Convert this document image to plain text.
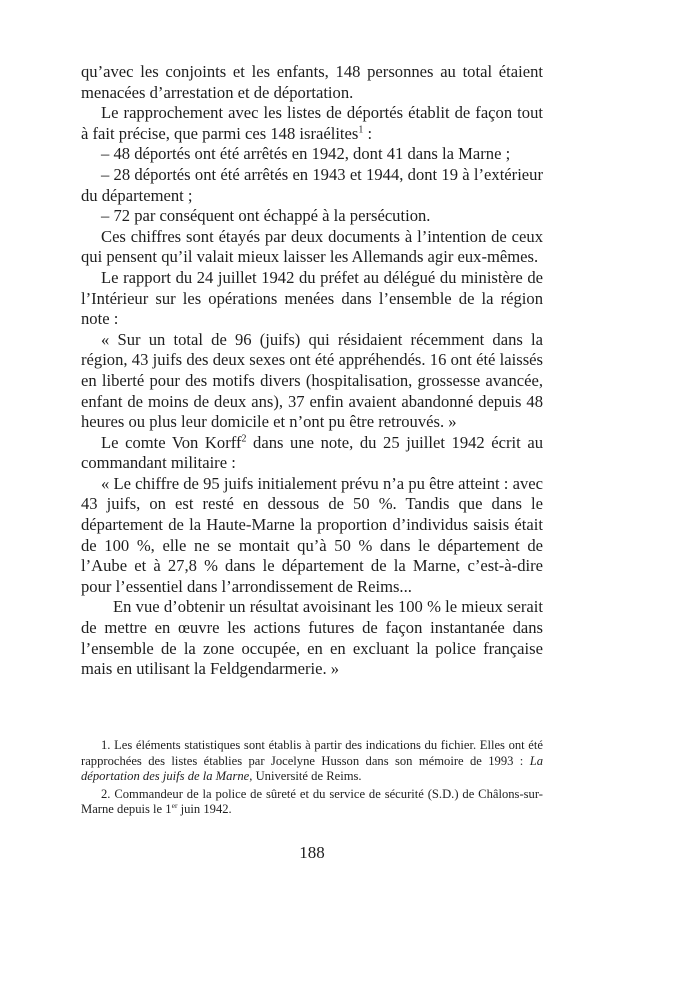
qu’avec les conjoints et les enfants, 148 personnes au total étaient menacées d’arrestation et de déportation.

Le rapprochement avec les listes de déportés établit de façon tout à fait précise, que parmi ces 148 israélites$^1$ :

– 48 déportés ont été arrêtés en 1942, dont 41 dans la Marne ;

– 28 déportés ont été arrêtés en 1943 et 1944, dont 19 à l’extérieur du département ;

– 72 par conséquent ont échappé à la persécution.

Ces chiffres sont étayés par deux documents à l’intention de ceux qui pensent qu’il valait mieux laisser les Allemands agir eux-mêmes.

Le rapport du 24 juillet 1942 du préfet au délégué du ministère de l’Intérieur sur les opérations menées dans l’ensemble de la région note :

« Sur un total de 96 (juifs) qui résidaient récemment dans la région, 43 juifs des deux sexes ont été appréhendés. 16 ont été laissés en liberté pour des motifs divers (hospitalisation, grossesse avancée, enfant de moins de deux ans), 37 enfin avaient abandonné depuis 48 heures ou plus leur domicile et n’ont pu être retrouvés. »

Le comte Von Korff$^2$ dans une note, du 25 juillet 1942 écrit au commandant militaire :

« Le chiffre de 95 juifs initialement prévu n’a pu être atteint : avec 43 juifs, on est resté en dessous de 50 %. Tandis que dans le département de la Haute-Marne la proportion d’individus saisis était de 100 %, elle ne se montait qu’à 50 % dans le département de l’Aube et à 27,8 % dans le département de la Marne, c’est-à-dire pour l’essentiel dans l’arrondissement de Reims...

En vue d’obtenir un résultat avoisinant les 100 % le mieux serait de mettre en œuvre les actions futures de façon instantanée dans l’ensemble de la zone occupée, en en excluant la police française mais en utilisant la Feldgendarmerie. »

1. Les éléments statistiques sont établis à partir des indications du fichier. Elles ont été rapprochées des listes établies par Jocelyne Husson dans son mémoire de 1993 : La déportation des juifs de la Marne, Université de Reims.

2. Commandeur de la police de sûreté et du service de sécurité (S.D.) de Châlons-sur-Marne depuis le 1er juin 1942.

188
